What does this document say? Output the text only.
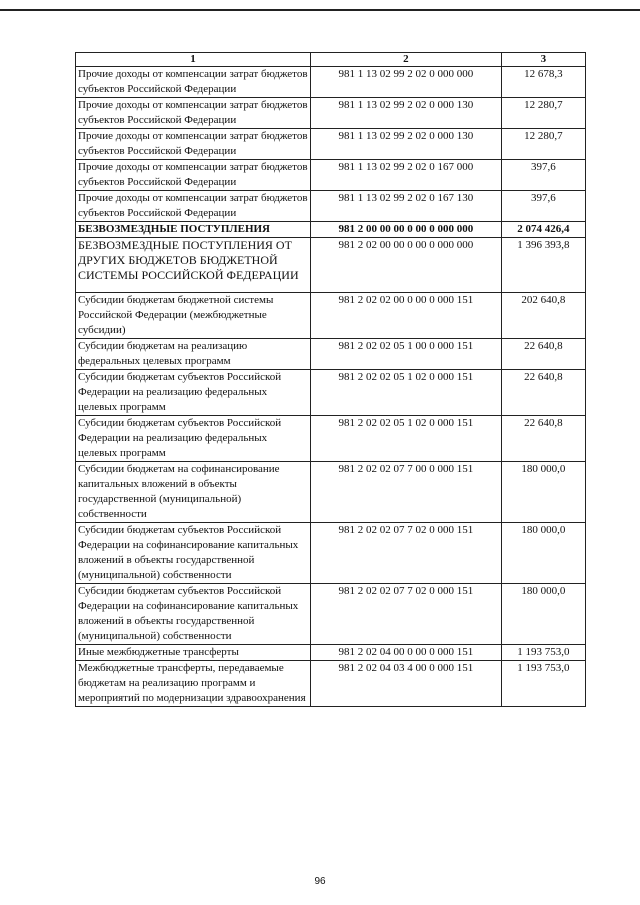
1	2	3
Прочие доходы от компенсации затрат бюджетов субъектов Российской Федерации	981 1 13 02 99 2 02 0 000 000	12 678,3
Прочие доходы от компенсации затрат бюджетов субъектов Российской Федерации	981 1 13 02 99 2 02 0 000 130	12 280,7
Прочие доходы от компенсации затрат бюджетов субъектов Российской Федерации	981 1 13 02 99 2 02 0 000 130	12 280,7
Прочие доходы от компенсации затрат бюджетов субъектов Российской Федерации	981 1 13 02 99 2 02 0 167 000	397,6
Прочие доходы от компенсации затрат бюджетов субъектов Российской Федерации	981 1 13 02 99 2 02 0 167 130	397,6
БЕЗВОЗМЕЗДНЫЕ ПОСТУПЛЕНИЯ	981 2 00 00 00 0 00 0 000 000	2 074 426,4
БЕЗВОЗМЕЗДНЫЕ ПОСТУПЛЕНИЯ ОТ ДРУГИХ БЮДЖЕТОВ БЮДЖЕТНОЙ СИСТЕМЫ РОССИЙСКОЙ ФЕДЕРАЦИИ	981 2 02 00 00 0 00 0 000 000	1 396 393,8
Субсидии бюджетам бюджетной системы Российской Федерации (межбюджетные субсидии)	981 2 02 02 00 0 00 0 000 151	202 640,8
Субсидии бюджетам на реализацию федеральных целевых программ	981 2 02 02 05 1 00 0 000 151	22 640,8
Субсидии бюджетам субъектов Российской Федерации на реализацию федеральных целевых программ	981 2 02 02 05 1 02 0 000 151	22 640,8
Субсидии бюджетам субъектов Российской Федерации на реализацию федеральных целевых программ	981 2 02 02 05 1 02 0 000 151	22 640,8
Субсидии бюджетам на софинансирование капитальных вложений в объекты государственной (муниципальной) собственности	981 2 02 02 07 7 00 0 000 151	180 000,0
Субсидии бюджетам субъектов Российской Федерации на софинансирование капитальных вложений в объекты государственной (муниципальной) собственности	981 2 02 02 07 7 02 0 000 151	180 000,0
Субсидии бюджетам субъектов Российской Федерации на софинансирование капитальных вложений в объекты государственной (муниципальной) собственности	981 2 02 02 07 7 02 0 000 151	180 000,0
Иные межбюджетные трансферты	981 2 02 04 00 0 00 0 000 151	1 193 753,0
Межбюджетные трансферты, передаваемые бюджетам на реализацию программ и мероприятий по модернизации здравоохранения	981 2 02 04 03 4 00 0 000 151	1 193 753,0
96
